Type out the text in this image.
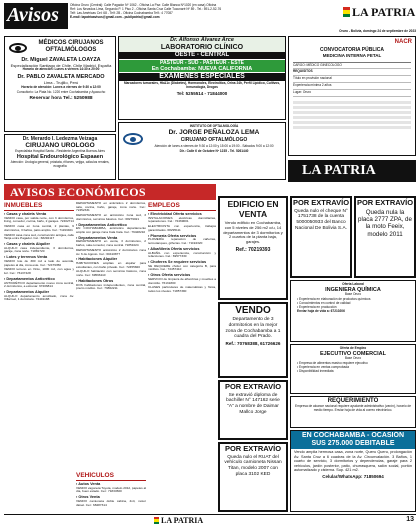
Avisos	Oficina Oruro (Central): Calle Pagador Nº 1062 - Oficina La Paz: Calle Blanca Nº1020 (en casa) Oficina
Ref: Los Nevados Lima, Segundo P. 1 Piso 2 - Oficina Santa Cruz Calle Tucunaré Nº 89 - Tel.: 591-2-52-76
Telf: Las Américas Cel: 68 - Telf: 2B - Oficina Cochabamba Telf.: 4 77087
E-mail: lapatriaavisos@gmail.com - publipatria@gmail.com	LA PATRIA
Oruro - Bolivia, domingo 24 de septiembre de 2023
MÉDICOS CIRUJANOS
OFTALMÓLOGOS
Dr. Miguel ZAVALETA LOAYZA
Especialización Santiago de Chile, Chile Madrid, España
Horario de atención: Lunes a viernes 14:30 a 20:00
Dr. PABLO ZAVALETA MERCADO
Lima - Trujillo, Perú
Horario de atención: Lunes a viernes de 9:30 a 12:00
Consultorio: La Plata No. 1220 entre Cochabamba y Ayacucho
Reservar hora Tel.: 5250988
Dr. Merardo I. Ledezma Veizaga
CIRUJANO UROLOGO
Especialista Hospital Santa - Residente Argentina Buenos Aires
Hospital Endourológico Espaaen
Atención: Urología general, próstata, riñones, vejiga, cálculos renales, ecografía
Dr. Alfonso Álvarez Arce
LABORATORIO CLÍNICO
OESTE - CENTRAL
PASTEUR - SUD - PASTEUR - ESTE
En Cochabamba: NUEVA CALIFORNIA
EXAMENES ESPECIALES
Marcadores tumorales, HbA1c (Diabetes), Hormonales, Electrolitos, Orina 24h, Perfil Lipídico, Cultivos, Inmunología, Drogas
Tel: 5255514 - 71844000
INSTITUTO DE OFTALMOLOGÍA
Dr. JORGE PEÑALOZA LEMA
CIRUJANO OFTALMÓLOGO
Atención de lunes a viernes de 9:30 a 12:00 y 15:00 a 19:00 - Sábados 9:00 a 12:00
Dir.: Calle 6 de Octubre Nº 1235 - Tel. 5261440
NACR
CONVOCATORIA PÚBLICA
MEDICINA INTERNA FETAL
CARGO: MÉDICO GINECOLOGO
REQUISITOS
Título en provisión nacional
Experiencia mínima 2 años
Lugar: Oruro
LA PATRIA
AVISOS ECONÓMICOS
INMUEBLES
▪ Casas y chalets Venta
VENDO casa, por salida norte, con 3 dormitorios, living, comedor, cocina, baño, 2 garajes. 72402714
VENDO casa en zona central, 2 plantas, 6 dormitorios, 3 baños, patio amplio. Cel.: 71193401
VENDO casa zona sud, construcción antigua, calle Tarija entre Pagador. Cel.: 68292117
▪ Casas y chalets Alquiler
ALQUILO casa independiente, 3 dormitorios, garaje, zona norte. 71881720
▪ Lotes y terrenos Venta
VENDO lote de 300 m2 a lado de avenida, papeles al día, zona este. Cel.: 72479350
VENDO terreno en Vinto, 1000 m2, con agua y luz. Cel.: 76137428
▪ Departamentos Anticrético
ANTICRÉTICO departamento nuevo zona central, 2 dormitorios, a estrenar. 67206814
▪ Departamentos Alquiler
ALQUILO departamento amoblado, zona Av. Villarroel, 1 dormitorio. 72401188
DEPARTAMENTO en anticrético 2 dormitorios, sala, cocina, baño, garaje, zona norte. Cel.: 72452331
DEPARTAMENTO en anticrético zona sud, 3 dormitorios, servicios básicos. Cel.: 68279021
▪ Departamentos Anticrético
EN COCHABAMBA, anticrético departamento amplio con garaje zona Cala Cala. Cel.: 76428210
▪ Departamentos Venta
DEPARTAMENTO en venta, 3 dormitorios, 2 baños, sala comedor, zona central. 71851024
DEPARTAMENTO anticrético 2 dormitorios zona Av. 6 de Agosto. Cel.: 60410877
▪ Habitaciones Alquiler
HABITACIONES amplias en alquiler para estudiantes, con baño privado. Cel.: 72455820
ALQUILO habitación con servicios básicos, zona norte. Cel.: 69596110
▪ Habitaciones Otros
DOS habitaciones independientes, zona central, precio módico. Cel.: 73862211
VEHÍCULOS
▪ Autos Venta
VENDO vagoneta Toyota, modelo 2012, papeles al día, buen estado. Cel.: 71834500
▪ Otros Venta
VENDO camioneta doble cabina, 4x4, motor diésel. Cel.: 68287314
EMPLEOS
▪ Electricidad Oferta servicios
INSTALACIONES eléctricas domiciliarias, reparaciones. Cel.: 72469001
ELECTRICISTA con experiencia, trabajos garantizados. 68295111
▪ Plomería Oferta servicios
PLOMERÍA reparación de cañerías, termotanques, griferías. Cel.: 71194320
▪ Albañilería Oferta servicios
ALBAÑIL con experiencia, construcción y refacciones. Cel.: 69577330
▪ Choferes Se requiere servicios
SE REQUIERE chofer con categoría B, para minibús. Cel.: 72457410
▪ Otros Oferta servicios
SERVICIO de limpieza de alfombras y muebles a domicilio. 76131800
CLASES particulares de matemáticas y física, todos los niveles. 71857390
EDIFICIO EN VENTA
Vendo edificio en Cochabamba, con 5 niveles de 256 m2 c/u, 14 departamentos de 3 dormitorios y 2 cuartos de la planta baja, garajes.
Ref.: 70219393
VENDO
Departamento de 3 dormitorios en la mejor zona de Cochabamba a 1 cuadra del Prado.
Ref.: 70768388, 61726626
POR EXTRAVÍO
Se extravió diploma de bachiller N° 147162 serie "A" a nombre de Daimar Mallco Jorge
POR EXTRAVÍO
Queda nulo el RUAT del vehículo camioneta Nissan Titan, modelo 2007 con placa 3102 KED
POR EXTRAVÍO
Queda nulo el cheque N° 1751738 de la cuenta 5000050933 del Banco Nacional De Bolivia S.A.
POR EXTRAVÍO
Queda nula la placa 2777 ZPA, de la moto Feeix, modelo 2011
Oferta Laboral
INGENIERA QUÍMICA
Base Oruro
• Experiencia en elaboración de productos químicos
• Conocimientos en control de calidad
• Experiencia en producción
Enviar hoja de vida a: 67210206
Oferta de Empleo
EJECUTIVO COMERCIAL
Base Oruro
• Empresa de alimentos masivo requiere ejecutivo
• Experiencia en ventas comprobada
• Disponibilidad inmediata
REQUERIMIENTO
Empresa de alcance nacional requiere ayudante administrativo (varón), horario de medio tiempo. Enviar hoja de vida al correo electrónico.
EN COCHABAMBA - OCASIÓN
SUS 275.000 DEBITABLE
Vendo amplia hermosa casa, zona norte, Queru Queru, prolongación Av. Santa Cruz a 6 cuadras de la Av. Circunvalación. 3 Baños, 1 cuarto de servicio, 3 dormitorios y dependencias, garaje para 2 vehículos, jardín posterior, patio, churrasquera, salón social, portón automatizado y cisterna. Sup. 421 m2.
Celular/WhatsApp: 71850694
LA PATRIA	13
